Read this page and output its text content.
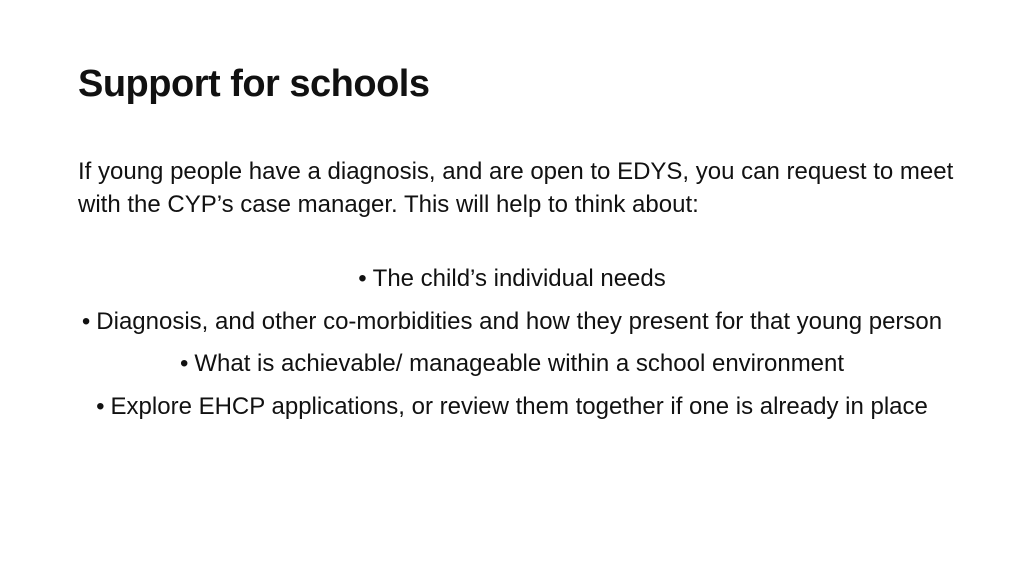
Support for schools
If young people have a diagnosis, and are open to EDYS, you can request to meet with the CYP’s case manager. This will help to think about:
• The child’s individual needs
• Diagnosis, and other co-morbidities and how they present for that young person
• What is achievable/ manageable within a school environment
• Explore EHCP applications, or review them together if one is already in place
